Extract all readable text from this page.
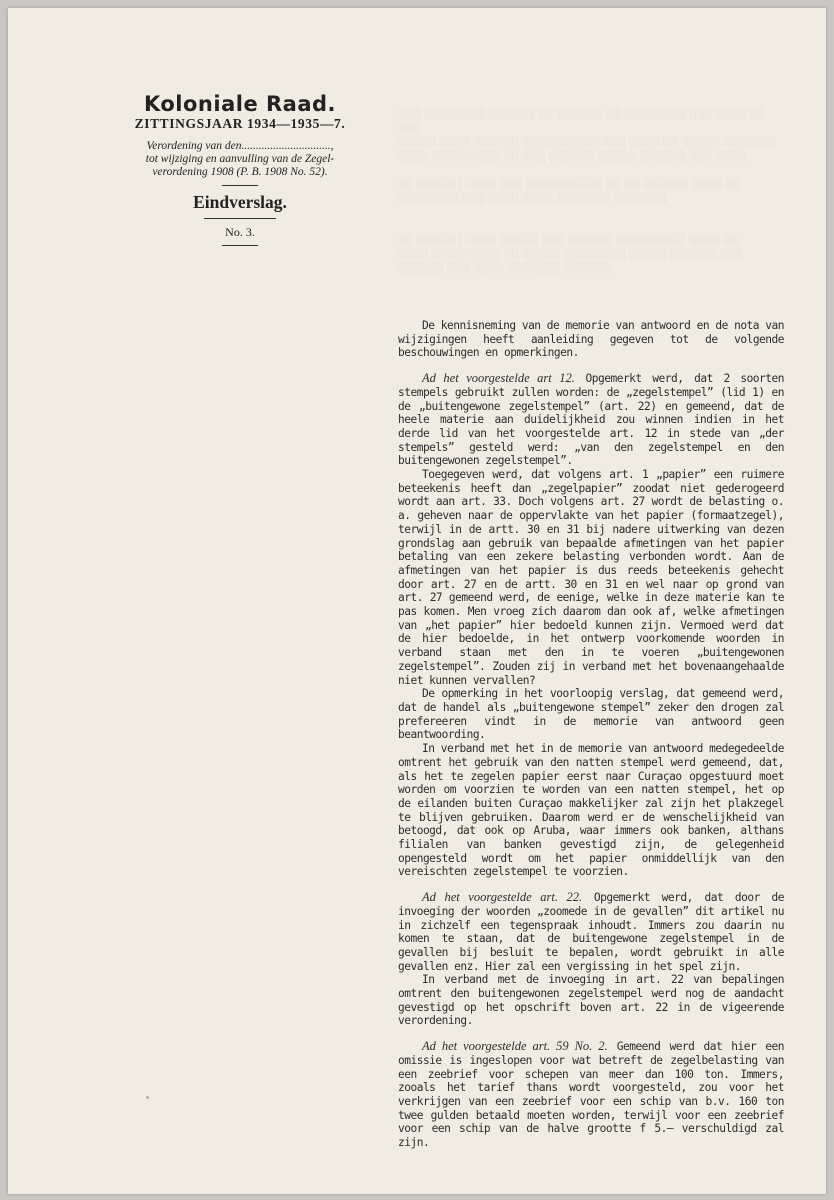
░░░ ░░░░░░░░ ░░░░░░ ░░ ░░░░░░ ░░ ░░░░░░░░ ░░░ ░░░░ ░░ ░░░
░░░░░ ░░░░ ░░░░░░ ░░░░░░░░░░ ░░░ ░░░░ ░░ ░░░░░ ░░░░░░░
░░░░ ░░░░░░░░░ ░░ ░░░ ░░░░░░ ░░░░░ ░░░░░░ ░░░ ░░░░

░░ ░░░░░░ ░░░░ ░░░ ░░░░░░░░░░ ░░ ░░ ░░░░░░ ░░░░ ░░
░░░░░░░░ ░░░ ░░░░ ░░░░ ░░░░░░░ ░░░░░░░

░░ ░░░░░░ ░░░░ ░░░░░ ░░░ ░░░░░░ ░░░░░░░░░ ░░░░ ░░
░░░░ ░░░░░░░░░ ░░ ░░░░░ ░░░░░░░░ ░░░░░ ░░░░░░ ░░░
░░░░░░ ░░░ ░░░░ ░░░░░░░ ░░░░░░
Koloniale Raad.
ZITTINGSJAAR 1934—1935—7.
Verordening van den...............................,
tot wijziging en aanvulling van de Zegel-
verordening 1908 (P. B. 1908 No. 52).
Eindverslag.
No. 3.

De kennisneming van de memorie van antwoord en de nota van wijzigingen heeft aanleiding gegeven tot de volgende beschouwingen en opmerkingen.

Ad het voorgestelde art 12. Opgemerkt werd, dat 2 soorten stempels gebruikt zullen worden: de „zegelstempel” (lid 1) en de „buitengewone zegelstempel” (art. 22) en gemeend, dat de heele materie aan duidelijkheid zou winnen indien in het derde lid van het voorgestelde art. 12 in stede van „der stempels” gesteld werd: „van den zegelstempel en den buitengewonen zegelstempel”.

Toegegeven werd, dat volgens art. 1 „papier” een ruimere beteekenis heeft dan „zegelpapier” zoodat niet gederogeerd wordt aan art. 33. Doch volgens art. 27 wordt de belasting o. a. geheven naar de oppervlakte van het papier (formaatzegel), terwijl in de artt. 30 en 31 bij nadere uitwerking van dezen grondslag aan gebruik van bepaalde afmetingen van het papier betaling van een zekere belasting verbonden wordt. Aan de afmetingen van het papier is dus reeds beteekenis gehecht door art. 27 en de artt. 30 en 31 en wel naar op grond van art. 27 gemeend werd, de eenige, welke in deze materie kan te pas komen. Men vroeg zich daarom dan ook af, welke afmetingen van „het papier” hier bedoeld kunnen zijn. Vermoed werd dat de hier bedoelde, in het ontwerp voorkomende woorden in verband staan met den in te voeren „buitengewonen zegelstempel”. Zouden zij in verband met het bovenaangehaalde niet kunnen vervallen?

De opmerking in het voorloopig verslag, dat gemeend werd, dat de handel als „buitengewone stempel” zeker den drogen zal prefereeren vindt in de memorie van antwoord geen beantwoording.

In verband met het in de memorie van antwoord medegedeelde omtrent het gebruik van den natten stempel werd gemeend, dat, als het te zegelen papier eerst naar Curaçao opgestuurd moet worden om voorzien te worden van een natten stempel, het op de eilanden buiten Curaçao makkelijker zal zijn het plakzegel te blijven gebruiken. Daarom werd er de wenschelijkheid van betoogd, dat ook op Aruba, waar immers ook banken, althans filialen van banken gevestigd zijn, de gelegenheid opengesteld wordt om het papier onmiddellijk van den vereischten zegelstempel te voorzien.

Ad het voorgestelde art. 22. Opgemerkt werd, dat door de invoeging der woorden „zoomede in de gevallen” dit artikel nu in zichzelf een tegenspraak inhoudt. Immers zou daarin nu komen te staan, dat de buitengewone zegelstempel in de gevallen bij besluit te bepalen, wordt gebruikt in alle gevallen enz. Hier zal een vergissing in het spel zijn.

In verband met de invoeging in art. 22 van bepalingen omtrent den buitengewonen zegelstempel werd nog de aandacht gevestigd op het opschrift boven art. 22 in de vigeerende verordening.

Ad het voorgestelde art. 59 No. 2. Gemeend werd dat hier een omissie is ingeslopen voor wat betreft de zegelbelasting van een zeebrief voor schepen van meer dan 100 ton. Immers, zooals het tarief thans wordt voorgesteld, zou voor het verkrijgen van een zeebrief voor een schip van b.v. 160 ton twee gulden betaald moeten worden, terwijl voor een zeebrief voor een schip van de halve grootte f 5.— verschuldigd zal zijn.
